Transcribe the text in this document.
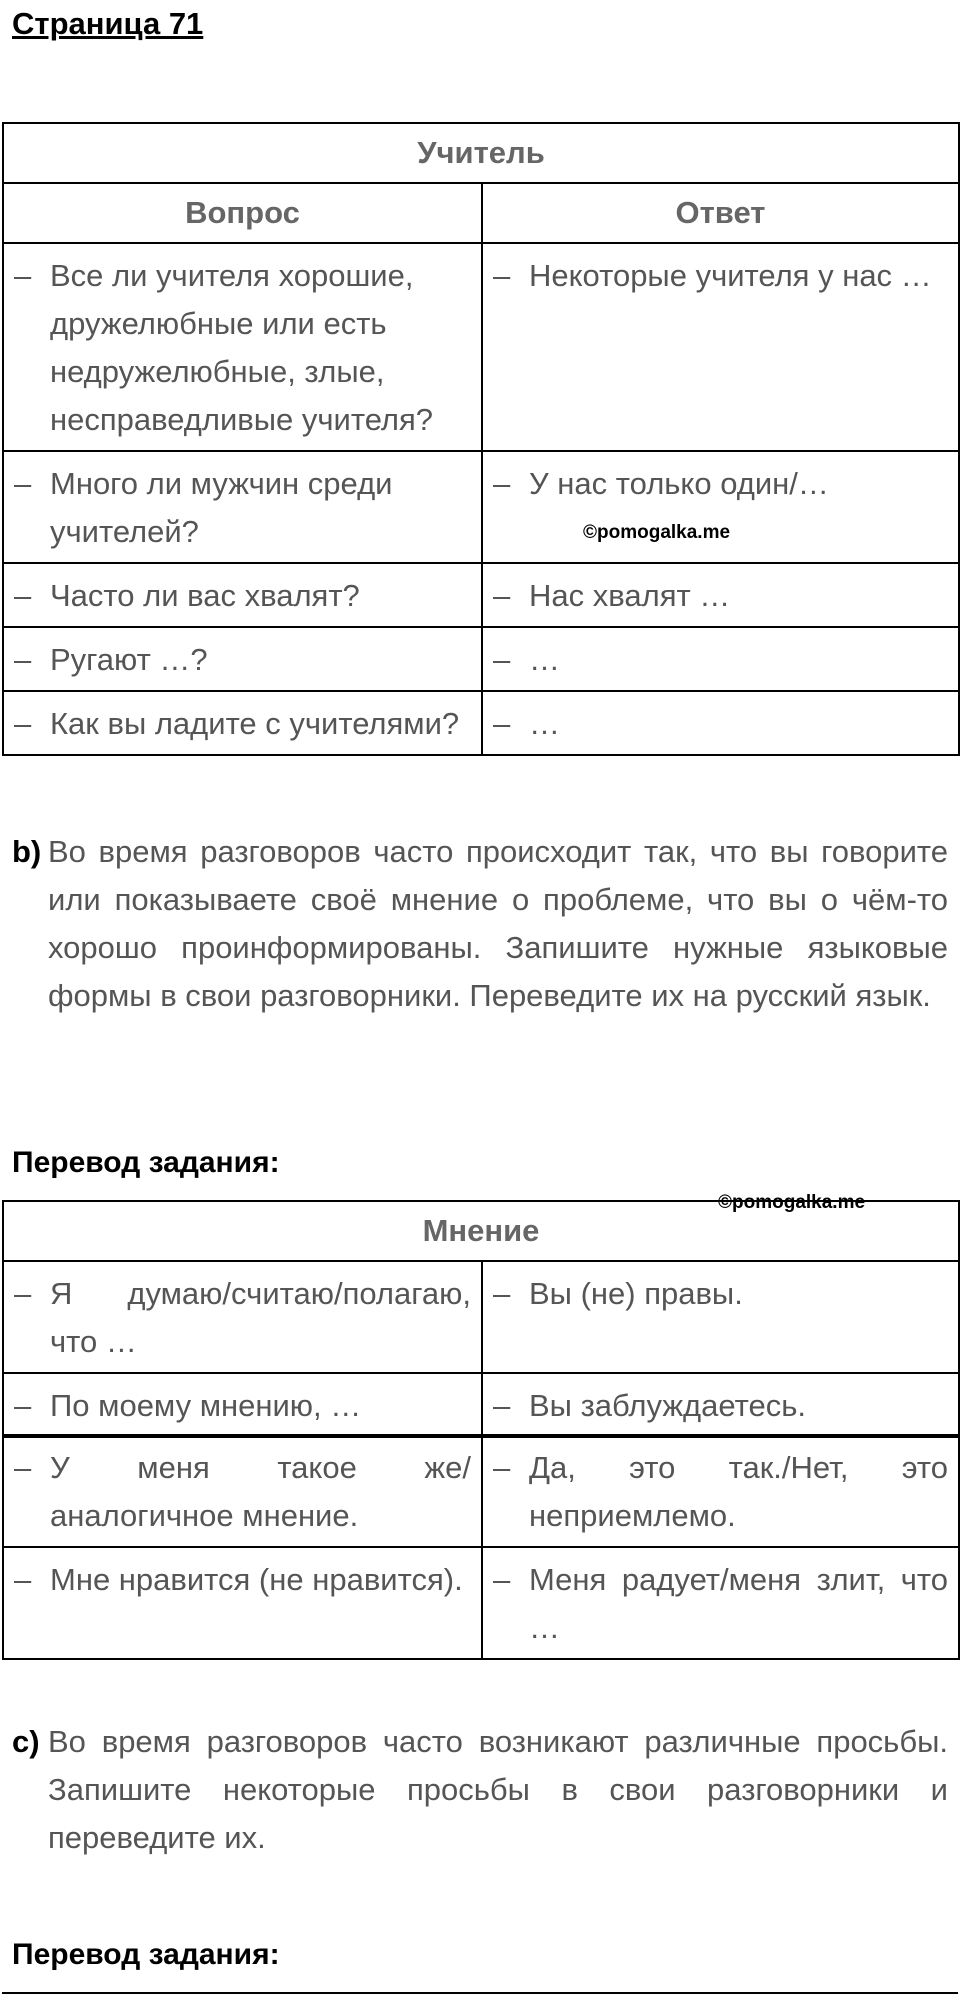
Страница 71
Учитель	
Вопрос	Ответ

– Все ли учителя хорошие, дружелюбные или есть недружелюбные, злые, несправедливые учителя?	– Некоторые учителя у нас …

– Много ли мужчин среди учителей?	– У нас только один/…

– Часто ли вас хвалят?	– Нас хвалят …

– Ругают …?	– …

– Как вы ладите с учителями?	– …
©pomogalka.me
b) Во время разговоров часто происходит так, что вы говорите или показываете своё мнение о проблеме, что вы о чём-то хорошо проинформированы. Запишите нужные языковые формы в свои разговорники. Переведите их на русский язык.
Перевод задания:
©pomogalka.me
Мнение	

– Я думаю/считаю/полагаю, что …	– Вы (не) правы.

– По моему мнению, …	– Вы заблуждаетесь.
– У меня такое же/аналогичное мнение.	– Да, это так./Нет, это неприемлемо.

– Мне нравится (не нравится).	– Меня радует/меня злит, что …
c) Во время разговоров часто возникают различные просьбы. Запишите некоторые просьбы в свои разговорники и переведите их.
Перевод задания:
